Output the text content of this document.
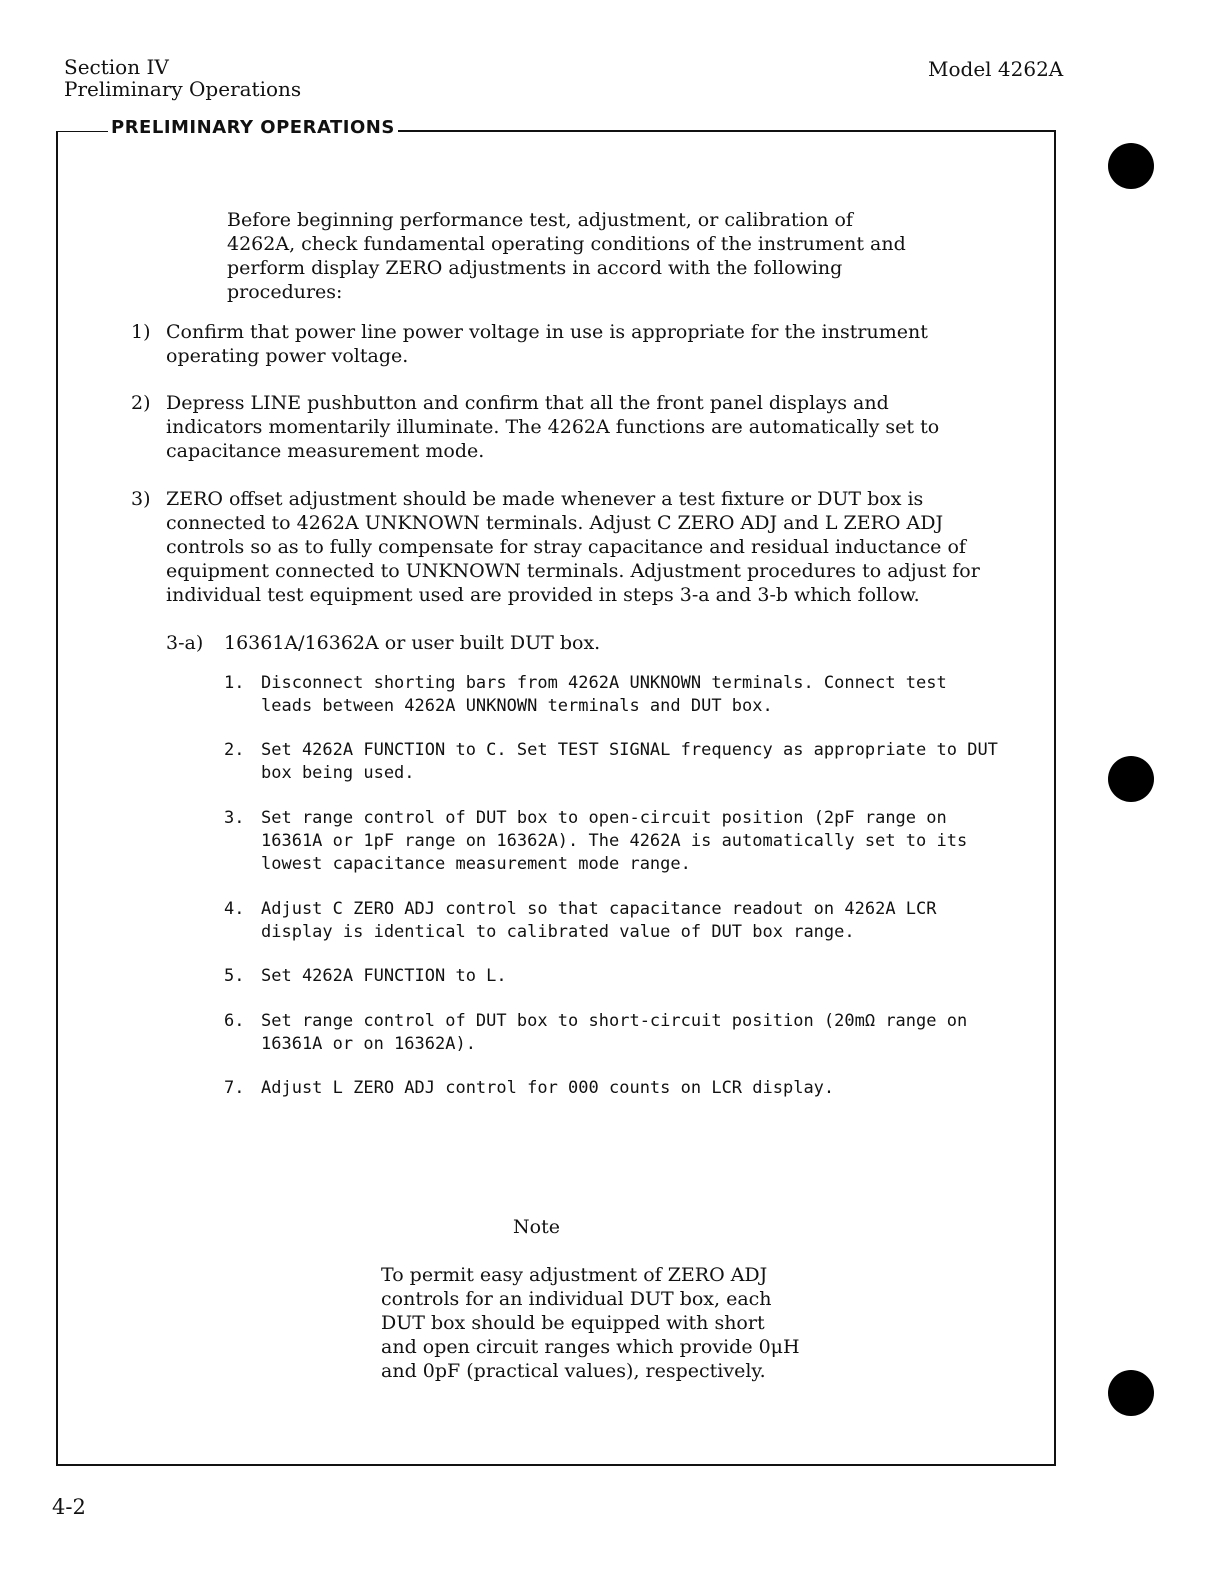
Section IV

Preliminary Operations

Model 4262A

PRELIMINARY OPERATIONS

Before beginning performance test, adjustment, or calibration of 4262A, check fundamental operating conditions of the instrument and perform display ZERO adjustments in accord with the following procedures:

1) Confirm that power line power voltage in use is appropriate for the instrument operating power voltage.

2) Depress LINE pushbutton and confirm that all the front panel displays and indicators momentarily illuminate. The 4262A functions are automatically set to capacitance measurement mode.

3) ZERO offset adjustment should be made whenever a test fixture or DUT box is connected to 4262A UNKNOWN terminals. Adjust C ZERO ADJ and L ZERO ADJ controls so as to fully compensate for stray capacitance and residual inductance of equipment connected to UNKNOWN terminals. Adjustment procedures to adjust for individual test equipment used are provided in steps 3-a and 3-b which follow.

3-a) 16361A/16362A or user built DUT box.

1. Disconnect shorting bars from 4262A UNKNOWN terminals. Connect test leads between 4262A UNKNOWN terminals and DUT box.

2. Set 4262A FUNCTION to C. Set TEST SIGNAL frequency as appropriate to DUT box being used.

3. Set range control of DUT box to open-circuit position (2pF range on 16361A or 1pF range on 16362A). The 4262A is automatically set to its lowest capacitance measurement mode range.

4. Adjust C ZERO ADJ control so that capacitance readout on 4262A LCR display is identical to calibrated value of DUT box range.

5. Set 4262A FUNCTION to L.

6. Set range control of DUT box to short-circuit position (20mΩ range on 16361A or on 16362A).

7. Adjust L ZERO ADJ control for 000 counts on LCR display.

Note

To permit easy adjustment of ZERO ADJ controls for an individual DUT box, each DUT box should be equipped with short and open circuit ranges which provide 0μH and 0pF (practical values), respectively.

4-2
